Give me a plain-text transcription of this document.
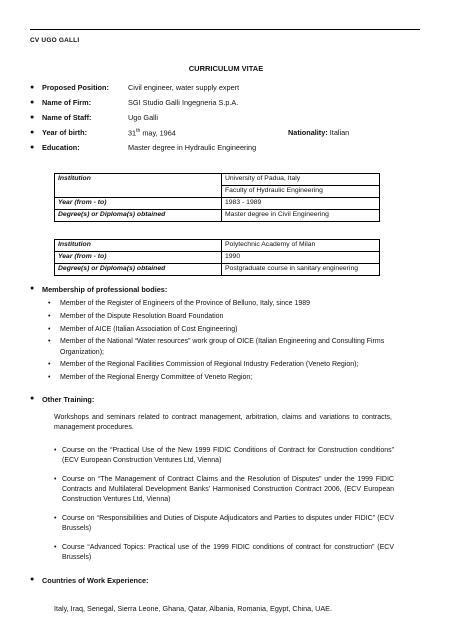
CV UGO GALLI
CURRICULUM VITAE
●	Proposed Position:	Civil engineer, water supply expert
●	Name of Firm:	SGI Studio Galli Ingegneria S.p.A.
●	Name of Staff:	Ugo Galli
●	Year of birth:	31th may, 1964	Nationality: Italian
●	Education:	Master degree in Hydraulic Engineering
Institution	University of Padua, Italy
	Faculty of Hydraulic Engineering
Year (from - to)	1983 - 1989
Degree(s) or Diploma(s) obtained	Master degree in Civil Engineering
Institution	Polytechnic Academy of Milan
Year (from - to)	1990
Degree(s) or Diploma(s) obtained	Postgraduate course in sanitary engineering
●	Membership of professional bodies:
• Member of the Register of Engineers of the Province of Belluno, Italy, since 1989
• Member of the Dispute Resolution Board Foundation
• Member of AICE (Italian Association of Cost Engineering)
• Member of the National “Water resources” work group of OICE (Italian Engineering and Consulting Firms Organization);
• Member of the Regional Facilities Commission of Regional Industry Federation (Veneto Region);
• Member of the Regional Energy Committee of Veneto Region;
●	Other Training:
Workshops and seminars related to contract management, arbitration, claims and variations to contracts, management procedures.
• Course on the “Practical Use of the New 1999 FIDIC Conditions of Contract for Construction conditions” (ECV European Construction Ventures Ltd, Vienna)
• Course on “The Management of Contract Claims and the Resolution of Disputes” under the 1999 FIDIC Contracts and Multilateral Development Banks’ Harmonised Construction Contract 2006, (ECV European Construction Ventures Ltd, Vienna)
• Course on “Responsibilities and Duties of Dispute Adjudicators and Parties to disputes under FIDIC” (ECV Brussels)
• Course “Advanced Topics: Practical use of the 1999 FIDIC conditions of contract for construction” (ECV Brussels)
●	Countries of Work Experience:
Italy, Iraq, Senegal, Sierra Leone, Ghana, Qatar, Albania, Romania, Egypt, China, UAE.
